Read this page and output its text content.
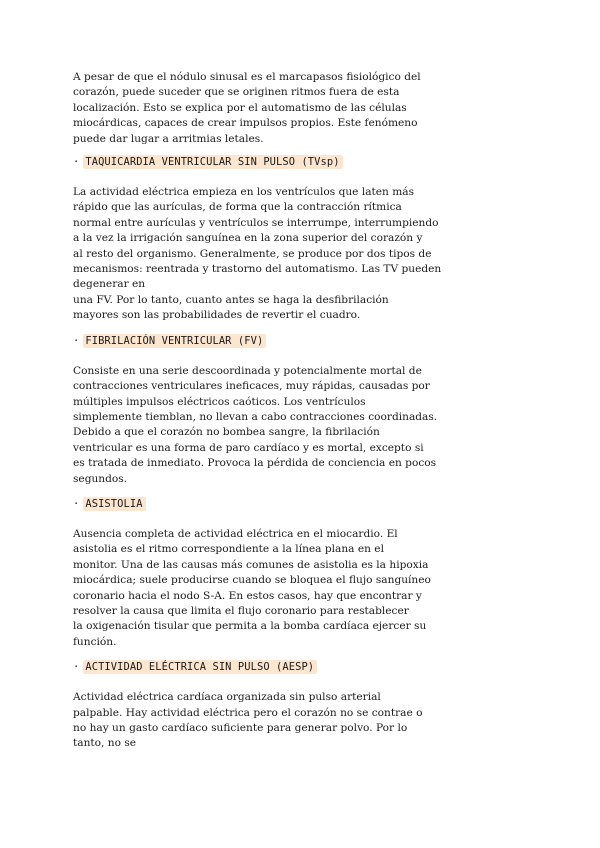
A pesar de que el nódulo sinusal es el marcapasos fisiológico del
corazón, puede suceder que se originen ritmos fuera de esta
localización. Esto se explica por el automatismo de las células
miocárdicas, capaces de crear impulsos propios. Este fenómeno
puede dar lugar a arritmias letales.

· TAQUICARDIA VENTRICULAR SIN PULSO (TVsp)

La actividad eléctrica empieza en los ventrículos que laten más
rápido que las aurículas, de forma que la contracción rítmica
normal entre aurículas y ventrículos se interrumpe, interrumpiendo
a la vez la irrigación sanguínea en la zona superior del corazón y
al resto del organismo. Generalmente, se produce por dos tipos de
mecanismos: reentrada y trastorno del automatismo. Las TV pueden
degenerar en
una FV. Por lo tanto, cuanto antes se haga la desfibrilación
mayores son las probabilidades de revertir el cuadro.

· FIBRILACIÓN VENTRICULAR (FV)

Consiste en una serie descoordinada y potencialmente mortal de
contracciones ventriculares ineficaces, muy rápidas, causadas por
múltiples impulsos eléctricos caóticos. Los ventrículos
simplemente tiemblan, no llevan a cabo contracciones coordinadas.
Debido a que el corazón no bombea sangre, la fibrilación
ventricular es una forma de paro cardíaco y es mortal, excepto si
es tratada de inmediato. Provoca la pérdida de conciencia en pocos
segundos.

· ASISTOLIA

Ausencia completa de actividad eléctrica en el miocardio. El
asistolia es el ritmo correspondiente a la línea plana en el
monitor. Una de las causas más comunes de asistolia es la hipoxia
miocárdica; suele producirse cuando se bloquea el flujo sanguíneo
coronario hacia el nodo S-A. En estos casos, hay que encontrar y
resolver la causa que limita el flujo coronario para restablecer
la oxigenación tisular que permita a la bomba cardíaca ejercer su
función.

· ACTIVIDAD ELÉCTRICA SIN PULSO (AESP)

Actividad eléctrica cardíaca organizada sin pulso arterial
palpable. Hay actividad eléctrica pero el corazón no se contrae o
no hay un gasto cardíaco suficiente para generar polvo. Por lo
tanto, no se
